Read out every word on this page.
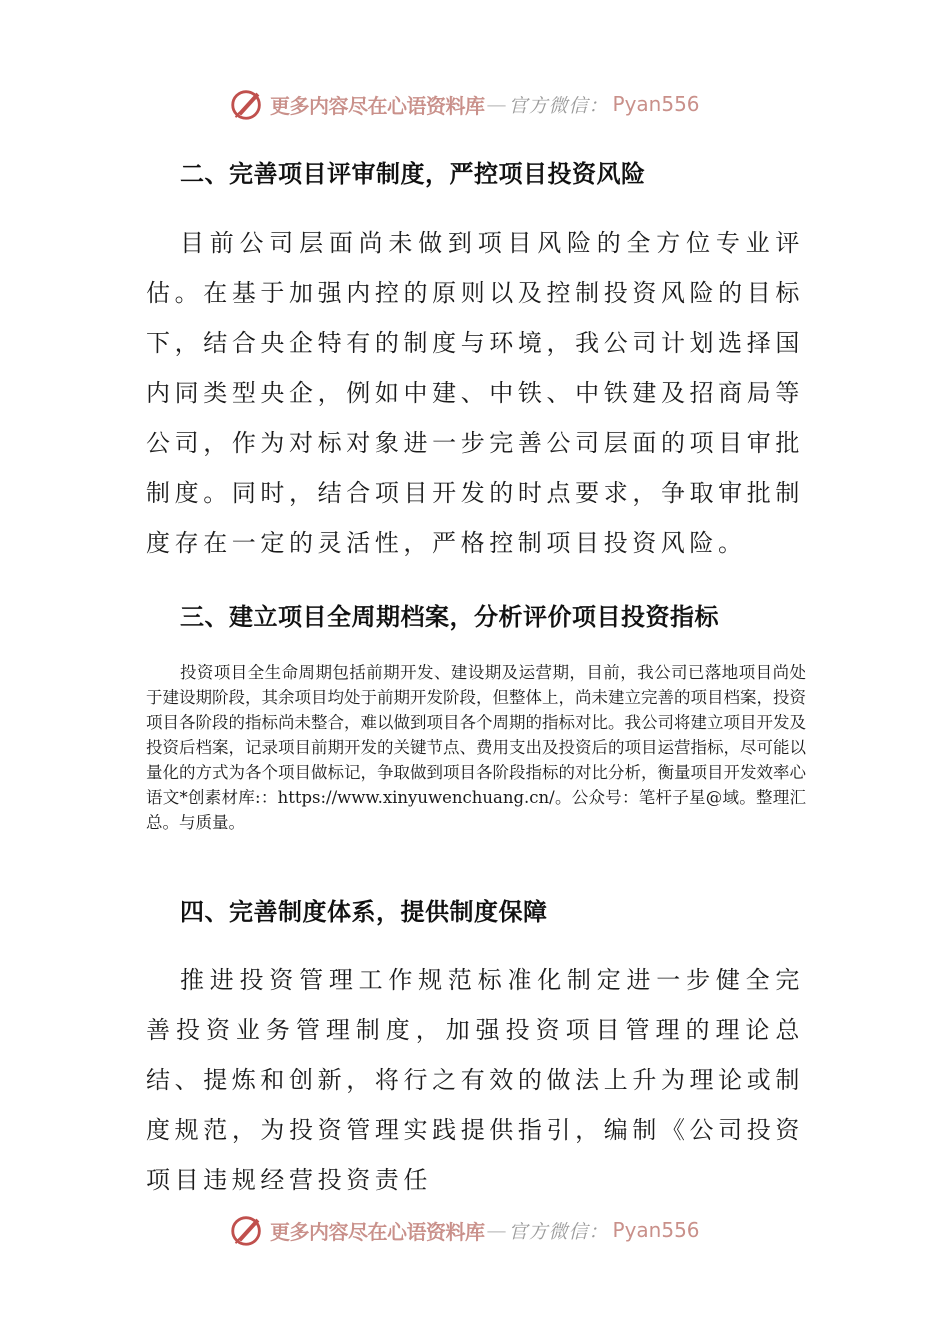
更多内容尽在心语资料库 — 官方微信： Pyan556
二、完善项目评审制度，严控项目投资风险

目前公司层面尚未做到项目风险的全方位专业评估。在基于加强内控的原则以及控制投资风险的目标下，结合央企特有的制度与环境，我公司计划选择国内同类型央企，例如中建、中铁、中铁建及招商局等公司，作为对标对象进一步完善公司层面的项目审批制度。同时，结合项目开发的时点要求，争取审批制度存在一定的灵活性，严格控制项目投资风险。

三、建立项目全周期档案，分析评价项目投资指标

投资项目全生命周期包括前期开发、建设期及运营期，目前，我公司已落地项目尚处于建设期阶段，其余项目均处于前期开发阶段，但整体上，尚未建立完善的项目档案，投资项目各阶段的指标尚未整合，难以做到项目各个周期的指标对比。我公司将建立项目开发及投资后档案，记录项目前期开发的关键节点、费用支出及投资后的项目运营指标，尽可能以量化的方式为各个项目做标记，争取做到项目各阶段指标的对比分析，衡量项目开发效率心语文*创素材库:：https://www.xinyuwenchuang.cn/。公众号：笔杆子星@域。整理汇总。与质量。

四、完善制度体系，提供制度保障

推进投资管理工作规范标准化制定进一步健全完善投资业务管理制度，加强投资项目管理的理论总结、提炼和创新，将行之有效的做法上升为理论或制度规范，为投资管理实践提供指引，编制《公司投资项目违规经营投资责任

更多内容尽在心语资料库 — 官方微信： Pyan556
